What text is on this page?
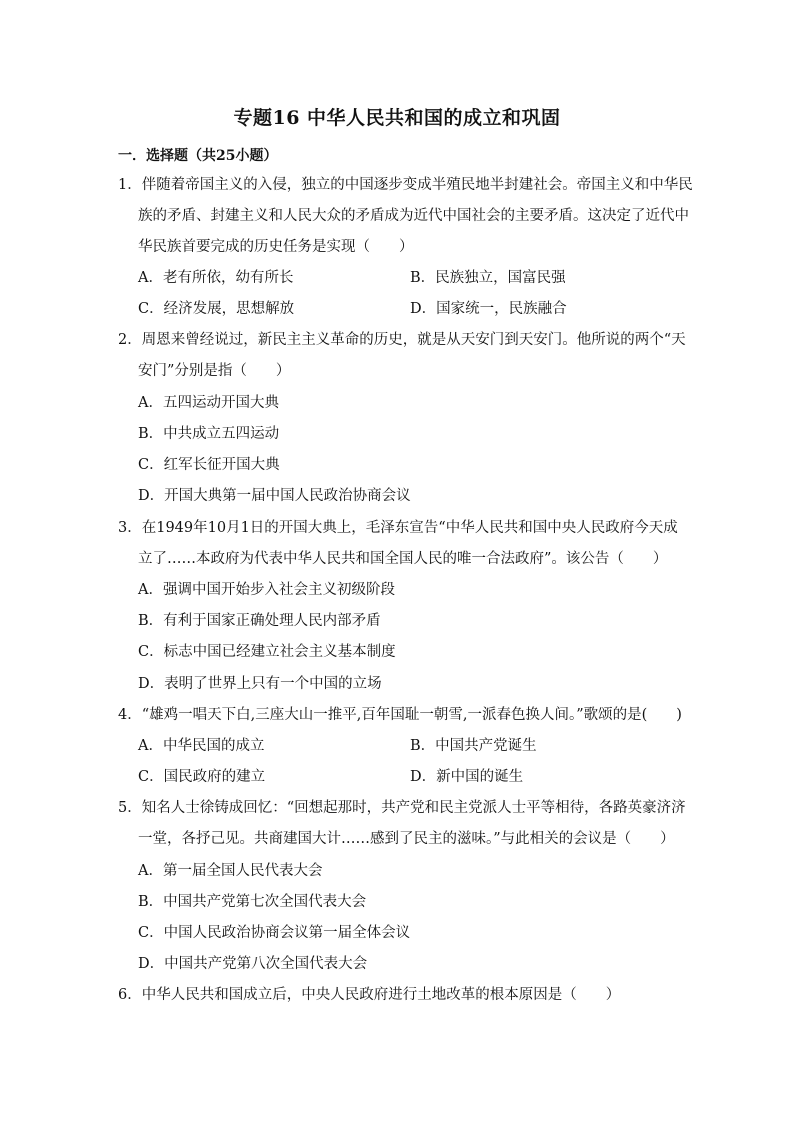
专题16 中华人民共和国的成立和巩固
一．选择题（共25小题）
1．伴随着帝国主义的入侵，独立的中国逐步变成半殖民地半封建社会。帝国主义和中华民
族的矛盾、封建主义和人民大众的矛盾成为近代中国社会的主要矛盾。这决定了近代中
华民族首要完成的历史任务是实现（　　）
A．老有所依，幼有所长	B．民族独立，国富民强
C．经济发展，思想解放	D．国家统一，民族融合
2．周恩来曾经说过，新民主主义革命的历史，就是从天安门到天安门。他所说的两个“天
安门”分别是指（　　）
A．五四运动开国大典
B．中共成立五四运动
C．红军长征开国大典
D．开国大典第一届中国人民政治协商会议
3．在1949年10月1日的开国大典上，毛泽东宣告“中华人民共和国中央人民政府今天成
立了……本政府为代表中华人民共和国全国人民的唯一合法政府”。该公告（　　）
A．强调中国开始步入社会主义初级阶段
B．有利于国家正确处理人民内部矛盾
C．标志中国已经建立社会主义基本制度
D．表明了世界上只有一个中国的立场
4．“雄鸡一唱天下白,三座大山一推平,百年国耻一朝雪,一派春色换人间。”歌颂的是(　　)
A．中华民国的成立	B．中国共产党诞生
C．国民政府的建立	D．新中国的诞生
5．知名人士徐铸成回忆：“回想起那时，共产党和民主党派人士平等相待，各路英豪济济
一堂，各抒己见。共商建国大计……感到了民主的滋味。”与此相关的会议是（　　）
A．第一届全国人民代表大会
B．中国共产党第七次全国代表大会
C．中国人民政治协商会议第一届全体会议
D．中国共产党第八次全国代表大会
6．中华人民共和国成立后，中央人民政府进行土地改革的根本原因是（　　）
